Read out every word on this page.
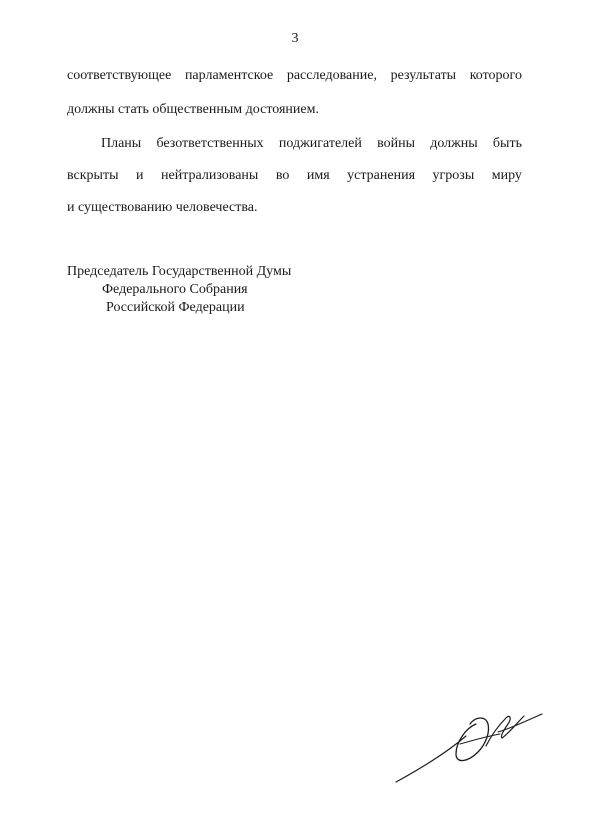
3
соответствующее парламентское расследование, результаты которого
должны стать общественным достоянием.
Планы безответственных поджигателей войны должны быть
вскрыты и нейтрализованы во имя устранения угрозы миру
и существованию человечества.
Председатель Государственной Думы
Федерального Собрания
Российской Федерации
